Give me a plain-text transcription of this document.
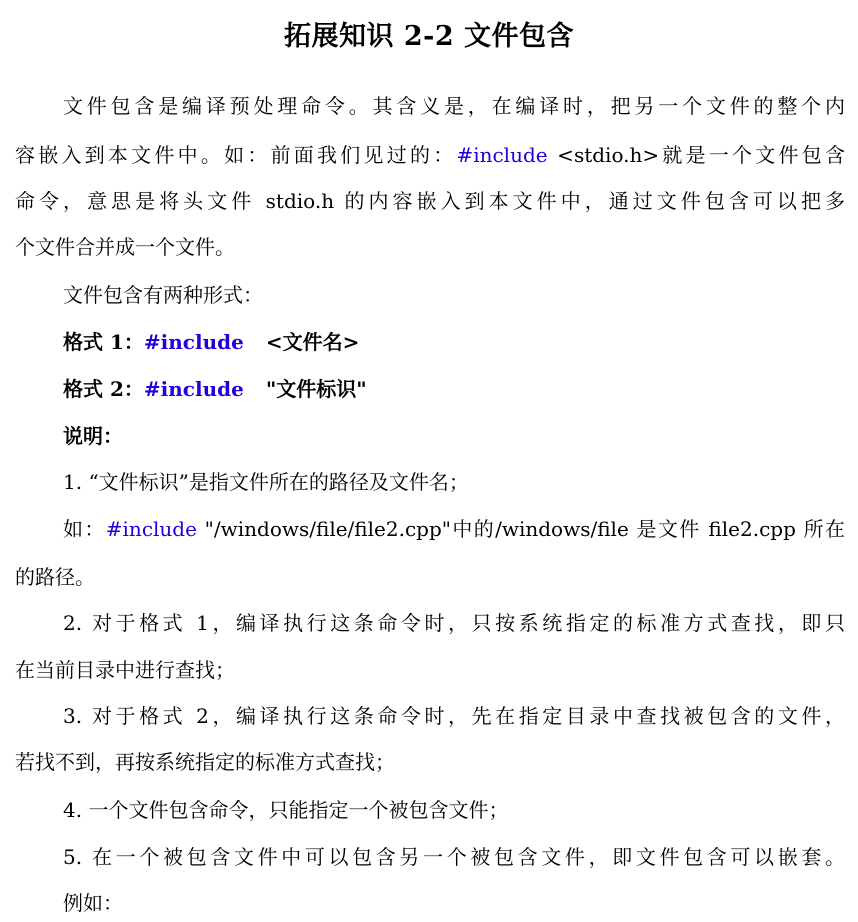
拓展知识 2-2 文件包含
文件包含是编译预处理命令。其含义是，在编译时，把另一个文件的整个内
容嵌入到本文件中。如：前面我们见过的：#include <stdio.h>就是一个文件包含
命令，意思是将头文件 stdio.h 的内容嵌入到本文件中，通过文件包含可以把多
个文件合并成一个文件。
文件包含有两种形式：
格式 1：#include <文件名>
格式 2：#include "文件标识"
说明：
1. “文件标识”是指文件所在的路径及文件名；
如：#include "/windows/file/file2.cpp"中的/windows/file 是文件 file2.cpp 所在
的路径。
2. 对于格式 1，编译执行这条命令时，只按系统指定的标准方式查找，即只
在当前目录中进行查找；
3. 对于格式 2，编译执行这条命令时，先在指定目录中查找被包含的文件，
若找不到，再按系统指定的标准方式查找；
4. 一个文件包含命令，只能指定一个被包含文件；
5. 在一个被包含文件中可以包含另一个被包含文件，即文件包含可以嵌套。
例如：
